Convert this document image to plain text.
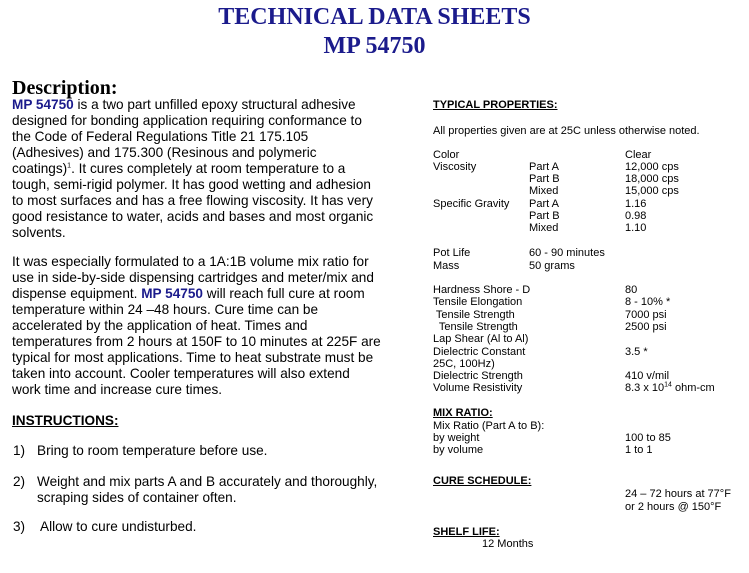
TECHNICAL DATA SHEETS
MP 54750
Description:
MP 54750 is a two part unfilled epoxy structural adhesive designed for bonding application requiring conformance to the Code of Federal Regulations Title 21 175.105 (Adhesives) and 175.300 (Resinous and polymeric coatings)$^1$. It cures completely at room temperature to a tough, semi-rigid polymer. It has good wetting and adhesion to most surfaces and has a free flowing viscosity. It has very good resistance to water, acids and bases and most organic solvents.
It was especially formulated to a 1A:1B volume mix ratio for use in side-by-side dispensing cartridges and meter/mix and dispense equipment. MP 54750 will reach full cure at room temperature within 24 –48 hours. Cure time can be accelerated by the application of heat. Times and temperatures from 2 hours at 150F to 10 minutes at 225F are typical for most applications. Time to heat substrate must be taken into account. Cooler temperatures will also extend work time and increase cure times.
INSTRUCTIONS:
1) Bring to room temperature before use.
2) Weight and mix parts A and B accurately and thoroughly, scraping sides of container often.
3) Allow to cure undisturbed.
TYPICAL PROPERTIES:
All properties given are at 25C unless otherwise noted.
Color	Clear
Viscosity	Part A	12,000 cps
Part B	18,000 cps
Mixed	15,000 cps
Specific Gravity Part A	1.16
Part B	0.98
Mixed	1.10
Pot Life	60 - 90 minutes
Mass	50 grams
Hardness Shore - D	80
Tensile Elongation	8 - 10% *
Tensile Strength	7000 psi
Tensile Strength	2500 psi
Lap Shear (Al to Al)
Dielectric Constant	3.5 *
25C, 100Hz)
Dielectric Strength	410 v/mil
Volume Resistivity	8.3 x $10^{14}$ ohm-cm
MIX RATIO:
Mix Ratio (Part A to B):
by weight	100 to 85
by volume	1 to 1
CURE SCHEDULE:
24 – 72 hours at 77°F
or 2 hours @ 150°F
SHELF LIFE:
12 Months
